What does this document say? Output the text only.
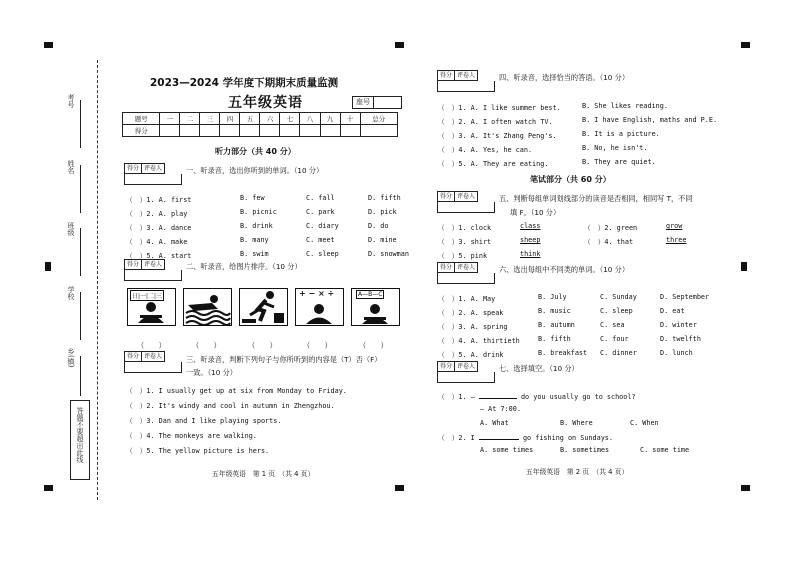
考号
姓名
班级
学校
乡(镇)
答题不要超出此线
2023—2024 学年度下期期末质量监测
五年级英语	座号
题号	一	二	三	四	五	六	七	八	九	十	总分
得分											
听力部分（共 40 分）
得分 评卷人	一、听录音，选出你听到的单词。（10 分）
（　）1. A. first	B. few	C. fall	D. fifth
（　）2. A. play	B. picnic	C. park	D. pick
（　）3. A. dance	B. drink	C. diary	D. do
（　）4. A. make	B. many	C. meet	D. mine
（　）5. A. start	B. swim	C. sleep	D. snowman
得分 评卷人	二、听录音，给图片排序。（10 分）
日|一|二|三	+ − × ÷	A—B—C
（　　）	（　　）	（　　）	（　　）	（　　）
得分 评卷人	三、听录音，判断下列句子与你所听到的内容是（T）否（F）
一致。（10 分）
（　）1. I usually get up at six from Monday to Friday.
（　）2. It's windy and cool in autumn in Zhengzhou.
（　）3. Dan and I like playing sports.
（　）4. The monkeys are walking.
（　）5. The yellow picture is hers.
五年级英语　第 1 页　（共 4 页）
得分 评卷人	四、听录音，选择恰当的答语。（10 分）
（　）1. A. I like summer best.	B. She likes reading.
（　）2. A. I often watch TV.	B. I have English, maths and P.E.
（　）3. A. It's Zhang Peng's.	B. It is a picture.
（　）4. A. Yes, he can.	B. No, he isn't.
（　）5. A. They are eating.	B. They are quiet.
笔试部分（共 60 分）
得分 评卷人	五、判断每组单词划线部分的读音是否相同，相同写 T，不同
填 F。（10 分）
（　）1. clock	class	（　）2. green	grow
（　）3. shirt	sheep	（　）4. that	three
（　）5. pink	think
得分 评卷人	六、选出每组中不同类的单词。（10 分）
（　）1. A. May	B. July	C. Sunday	D. September
（　）2. A. speak	B. music	C. sleep	D. eat
（　）3. A. spring	B. autumn	C. sea	D. winter
（　）4. A. thirtieth	B. fifth	C. four	D. twelfth
（　）5. A. drink	B. breakfast C. dinner	D. lunch
得分 评卷人	七、选择填空。（10 分）
（　）1. —	do you usually go to school?
— At 7:00.
A. What	B. Where	C. When
（　）2. I	go fishing on Sundays.
A. some times	B. sometimes	C. some time
五年级英语　第 2 页　（共 4 页）
